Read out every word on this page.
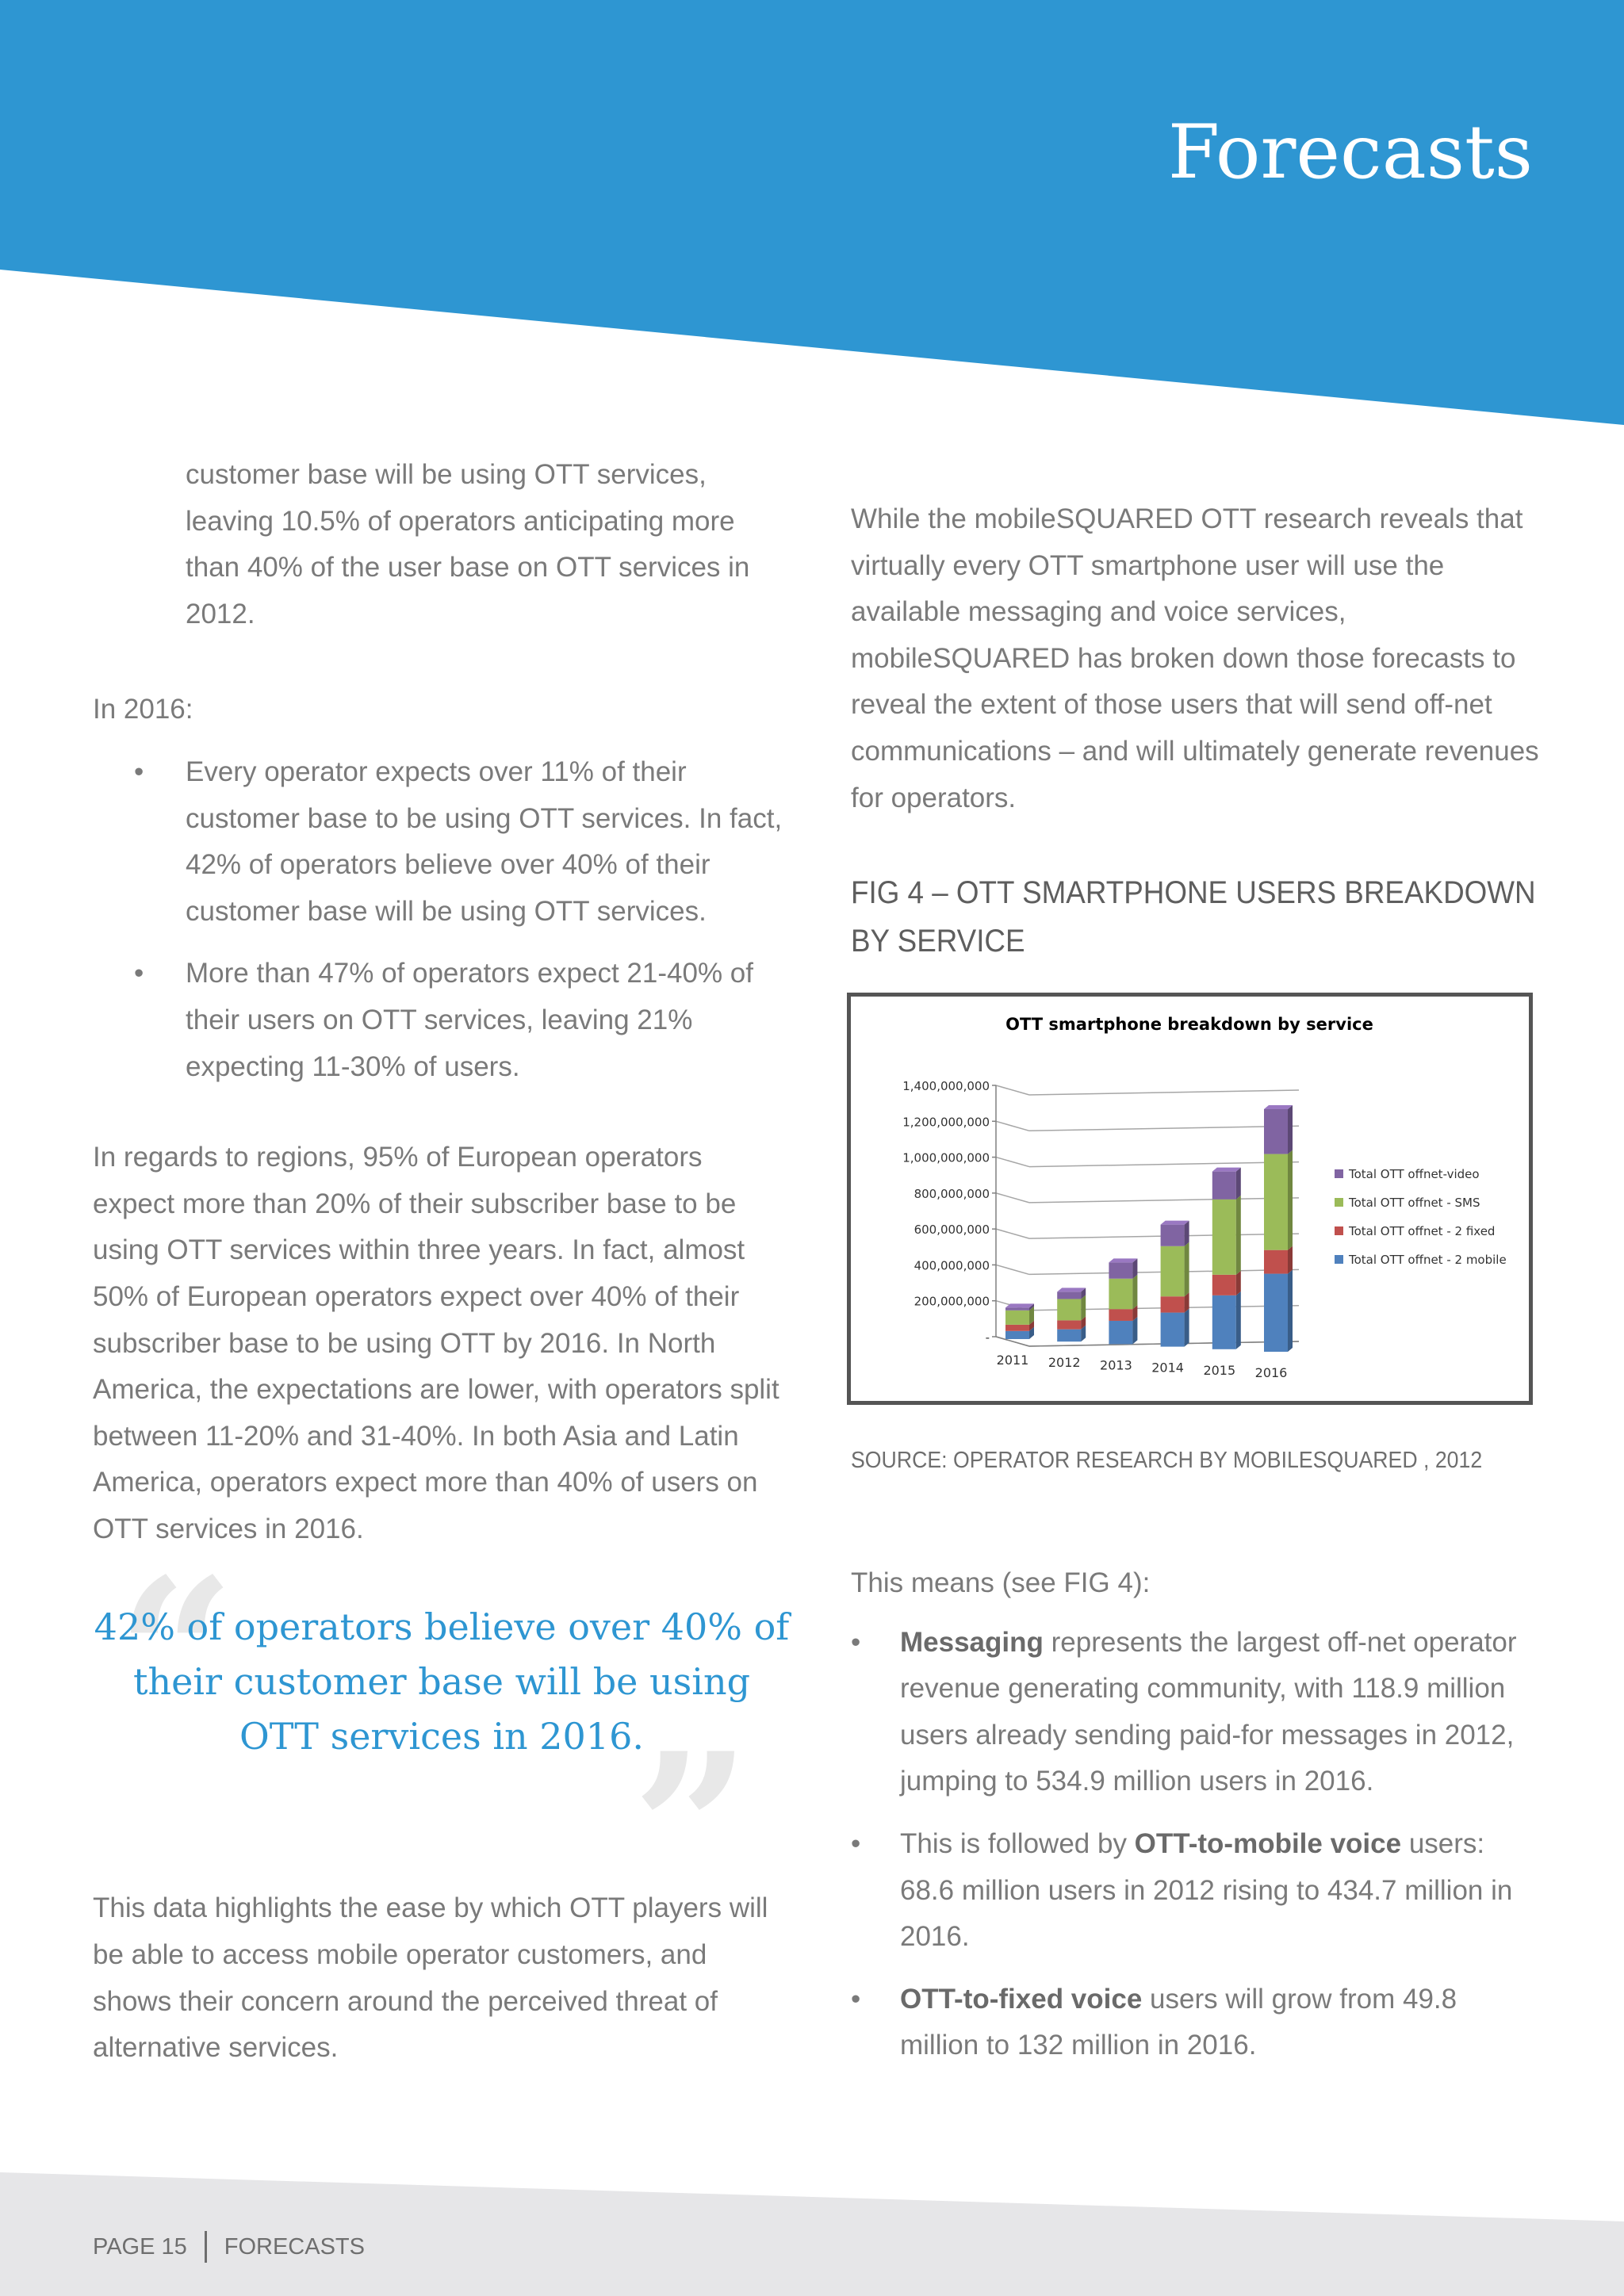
Forecasts

customer base will be using OTT services, leaving 10.5% of operators anticipating more than 40% of the user base on OTT services in 2012.

In 2016:

• Every operator expects over 11% of their customer base to be using OTT services. In fact, 42% of operators believe over 40% of their customer base will be using OTT services.
• More than 47% of operators expect 21-40% of their users on OTT services, leaving 21% expecting 11-30% of users.

In regards to regions, 95% of European operators expect more than 20% of their subscriber base to be using OTT services within three years. In fact, almost 50% of European operators expect over 40% of their subscriber base to be using OTT by 2016. In North America, the expectations are lower, with operators split between 11-20% and 31-40%. In both Asia and Latin America, operators expect more than 40% of users on OTT services in 2016.

“
”
42% of operators believe over 40% of their customer base will be using OTT services in 2016.

This data highlights the ease by which OTT players will be able to access mobile operator customers, and shows their concern around the perceived threat of alternative services.

While the mobileSQUARED OTT research reveals that virtually every OTT smartphone user will use the available messaging and voice services, mobileSQUARED has broken down those forecasts to reveal the extent of those users that will send off-net communications – and will ultimately generate revenues for operators.

FIG 4 – OTT SMARTPHONE USERS BREAKDOWN BY SERVICE
OTT smartphone breakdown by service
-
200,000,000
400,000,000
600,000,000
800,000,000
1,000,000,000
1,200,000,000
1,400,000,000
2011 2012 2013 2014 2015 2016
Total OTT offnet-video
Total OTT offnet - SMS
Total OTT offnet - 2 fixed
Total OTT offnet - 2 mobile
SOURCE: OPERATOR RESEARCH BY MOBILESQUARED , 2012

This means (see FIG 4):

• Messaging represents the largest off-net operator revenue generating community, with 118.9 million users already sending paid-for messages in 2012, jumping to 534.9 million users in 2016.
• This is followed by OTT-to-mobile voice users: 68.6 million users in 2012 rising to 434.7 million in 2016.
• OTT-to-fixed voice users will grow from 49.8 million to 132 million in 2016.
PAGE 15 FORECASTS
